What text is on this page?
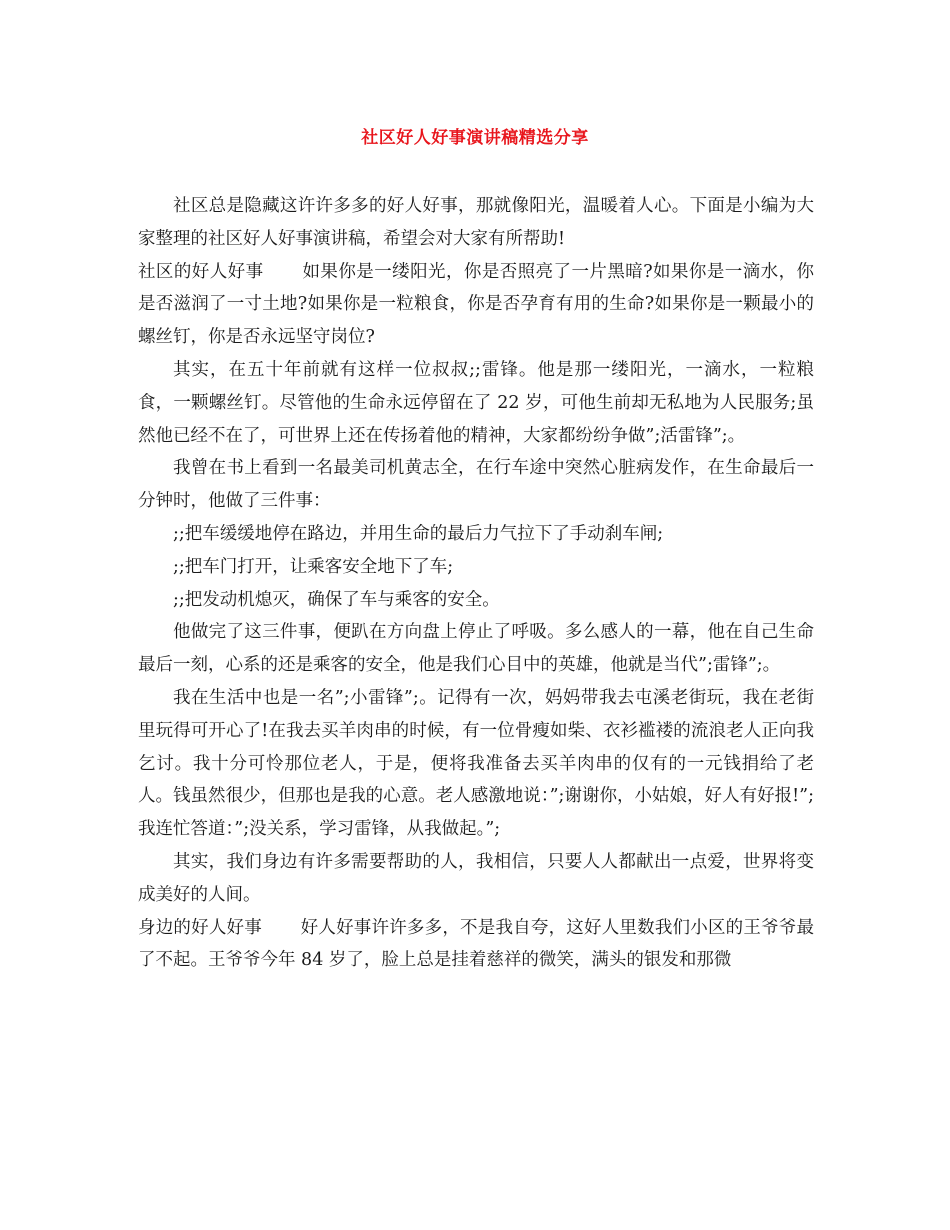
社区好人好事演讲稿精选分享

社区总是隐藏这许许多多的好人好事，那就像阳光，温暖着人心。下面是小编为大家整理的社区好人好事演讲稿，希望会对大家有所帮助!

社区的好人好事 如果你是一缕阳光，你是否照亮了一片黑暗?如果你是一滴水，你是否滋润了一寸土地?如果你是一粒粮食，你是否孕育有用的生命?如果你是一颗最小的螺丝钉，你是否永远坚守岗位?

其实，在五十年前就有这样一位叔叔;;雷锋。他是那一缕阳光，一滴水，一粒粮食，一颗螺丝钉。尽管他的生命永远停留在了 22 岁，可他生前却无私地为人民服务;虽然他已经不在了，可世界上还在传扬着他的精神，大家都纷纷争做”;活雷锋”;。

我曾在书上看到一名最美司机黄志全，在行车途中突然心脏病发作，在生命最后一分钟时，他做了三件事：

;;把车缓缓地停在路边，并用生命的最后力气拉下了手动刹车闸;

;;把车门打开，让乘客安全地下了车;

;;把发动机熄灭，确保了车与乘客的安全。

他做完了这三件事，便趴在方向盘上停止了呼吸。多么感人的一幕，他在自己生命最后一刻，心系的还是乘客的安全，他是我们心目中的英雄，他就是当代”;雷锋”;。

我在生活中也是一名”;小雷锋”;。记得有一次，妈妈带我去屯溪老街玩，我在老街里玩得可开心了!在我去买羊肉串的时候，有一位骨瘦如柴、衣衫褴褛的流浪老人正向我乞讨。我十分可怜那位老人，于是，便将我准备去买羊肉串的仅有的一元钱捐给了老人。钱虽然很少，但那也是我的心意。老人感激地说：”;谢谢你，小姑娘，好人有好报!”;我连忙答道：”;没关系，学习雷锋，从我做起。”;

其实，我们身边有许多需要帮助的人，我相信，只要人人都献出一点爱，世界将变成美好的人间。

身边的好人好事 好人好事许许多多，不是我自夸，这好人里数我们小区的王爷爷最了不起。王爷爷今年 84 岁了，脸上总是挂着慈祥的微笑，满头的银发和那微
